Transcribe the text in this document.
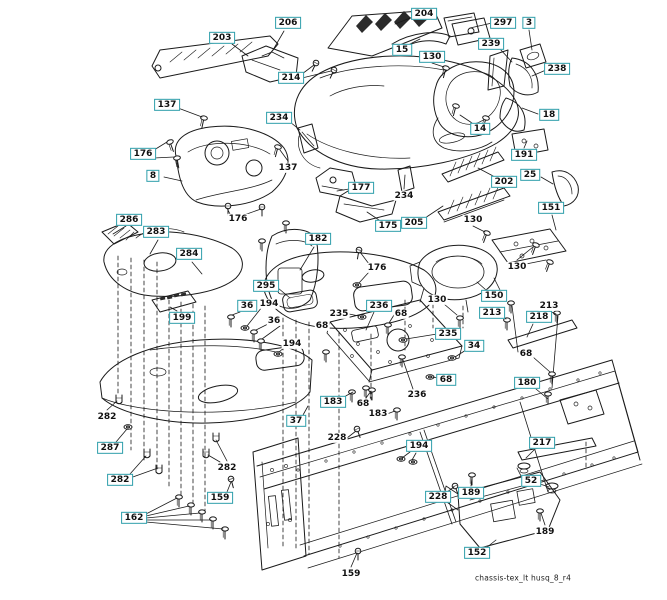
203
206
214
204
15
297	3
239
130
238
18
14
191
25
202
151
137
176
8
234
286
283
284
182
295
199
36
177
175 205
150
213	218
236
235
34
68	180
183
37
287
282
162
159
194
228	189
217
52
152
137
176
176
234
130
130
130
194
36
194
68
235	68
236
68
183
213
68
228
282
282
189
159	chassis-tex_lt husq_8_r4
